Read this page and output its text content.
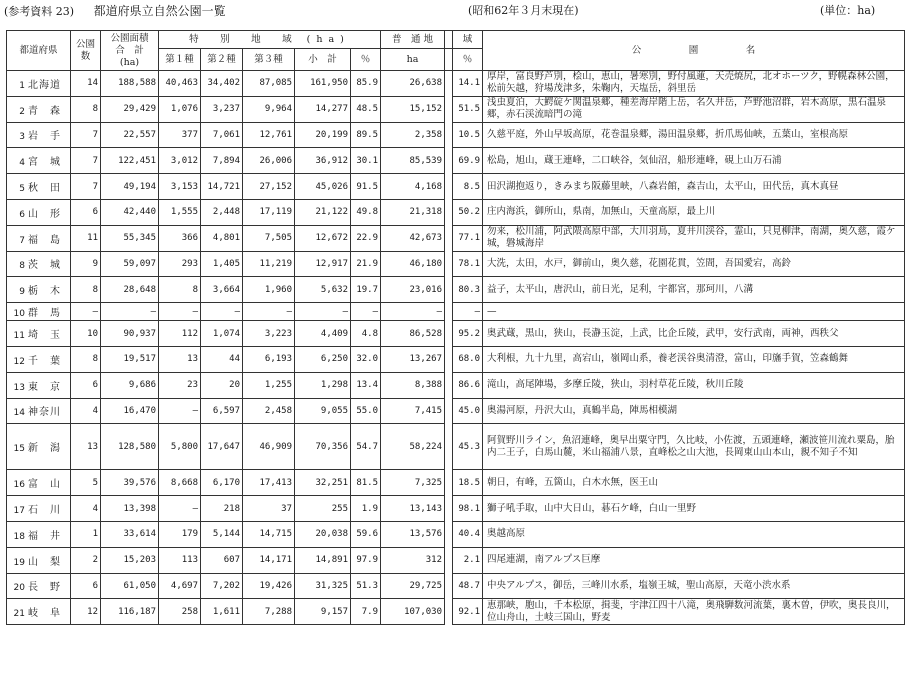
(参考資料 23) 都道府県立自然公園一覧	(昭和62年３月末現在)	(単位：ha)
都道府県	公園数	公園面積
合　計
(ha)	特　別　地　域 (ha)					普　通 地		域	公　　　　　園　　　　　名
			第１種	第２種	第３種	小　計	％	ha		％	
1 北海道	14	188,588	40,463	34,402	87,085	161,950	85.9	26,638		14.1	厚岸，富良野芦別，桧山，恵山，暑寒別，野付風蓮，天売焼尻，北オホーツク，野幌森林公園，松前矢越，狩場茂津多，朱鞠内，天塩岳，斜里岳
2 青　森	8	29,429	1,076	3,237	9,964	14,277	48.5	15,152		51.5	浅虫夏泊，大鰐碇ケ関温泉郷，種差海岸階上岳，名久井岳，芦野池沼群，岩木高原，黒石温泉郷，赤石渓流暗門の滝
3 岩　手	7	22,557	377	7,061	12,761	20,199	89.5	2,358		10.5	久慈平庭，外山早坂高原，花巻温泉郷，湯田温泉郷，折爪馬仙峡，五葉山，室根高原
4 宮　城	7	122,451	3,012	7,894	26,006	36,912	30.1	85,539		69.9	松島，旭山，蔵王連峰，二口峡谷，気仙沼，船形連峰，硯上山万石浦
5 秋　田	7	49,194	3,153	14,721	27,152	45,026	91.5	4,168		8.5	田沢湖抱返り，きみまち阪藤里峡，八森岩館，森吉山，太平山，田代岳，真木真昼
6 山　形	6	42,440	1,555	2,448	17,119	21,122	49.8	21,318		50.2	庄内海浜，御所山，県南，加無山，天童高原，最上川
7 福　島	11	55,345	366	4,801	7,505	12,672	22.9	42,673		77.1	勿来，松川浦，阿武隈高原中部，大川羽鳥，夏井川渓谷，霊山，只見柳津，南湖，奥久慈，霞ケ城，磐城海岸
8 茨　城	9	59,097	293	1,405	11,219	12,917	21.9	46,180		78.1	大洗，太田，水戸，御前山，奥久慈，花園花貫，笠間，吾国愛宕，高鈴
9 栃　木	8	28,648	8	3,664	1,960	5,632	19.7	23,016		80.3	益子，太平山，唐沢山，前日光，足利，宇都宮，那珂川，八溝
10 群　馬	—	—	—	—	—	—	—	—		—	—
11 埼　玉	10	90,937	112	1,074	3,223	4,409	4.8	86,528		95.2	奥武蔵，黒山，狭山，長瀞玉淀，上武，比企丘陵，武甲，安行武南，両神，西秩父
12 千　葉	8	19,517	13	44	6,193	6,250	32.0	13,267		68.0	大利根，九十九里，高宕山，嶺岡山系，養老渓谷奥清澄，富山，印旛手賀，笠森鶴舞
13 東　京	6	9,686	23	20	1,255	1,298	13.4	8,388		86.6	滝山，高尾陣場，多摩丘陵，狭山，羽村草花丘陵，秋川丘陵
14 神奈川	4	16,470	—	6,597	2,458	9,055	55.0	7,415		45.0	奥湯河原，丹沢大山，真鶴半島，陣馬相模湖
15 新　潟	13	128,580	5,800	17,647	46,909	70,356	54.7	58,224		45.3	阿賀野川ライン，魚沼連峰，奥早出粟守門，久比岐，小佐渡，五頭連峰，瀬波笹川流れ粟島，胎内二王子，白馬山麓，米山福浦八景，直峰松之山大池，長岡東山山本山，親不知子不知
16 富　山	5	39,576	8,668	6,170	17,413	32,251	81.5	7,325		18.5	朝日，有峰，五箇山，白木水無，医王山
17 石　川	4	13,398	—	218	37	255	1.9	13,143		98.1	獅子吼手取，山中大日山，碁石ケ峰，白山一里野
18 福　井	1	33,614	179	5,144	14,715	20,038	59.6	13,576		40.4	奥越高原
19 山　梨	2	15,203	113	607	14,171	14,891	97.9	312		2.1	四尾連湖，南アルプス巨摩
20 長　野	6	61,050	4,697	7,202	19,426	31,325	51.3	29,725		48.7	中央アルプス，御岳，三峰川水系，塩嶺王城，聖山高原，天竜小渋水系
21 岐　阜	12	116,187	258	1,611	7,288	9,157	7.9	107,030		92.1	恵那峡，胞山，千本松原，揖斐，宇津江四十八滝，奥飛騨数河流葉，裏木曽，伊吹，奥長良川，位山舟山，土岐三国山，野麦
